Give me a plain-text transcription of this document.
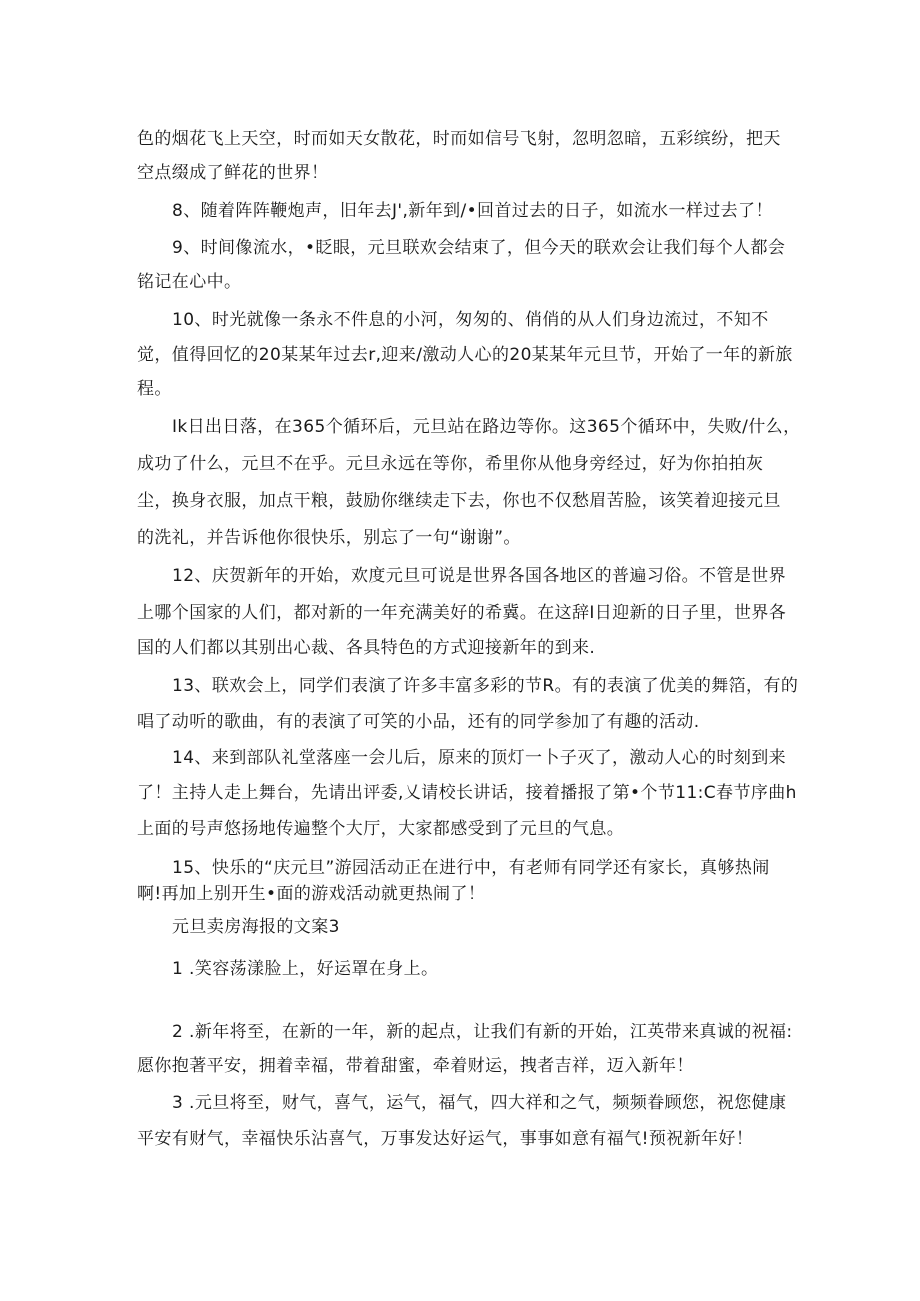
色的烟花飞上天空，时而如天女散花，时而如信号飞射，忽明忽暗，五彩缤纷，把天
空点缀成了鲜花的世界！
8、随着阵阵鞭炮声，旧年去J',新年到/•回首过去的日子，如流水一样过去了！
9、时间像流水，•眨眼，元旦联欢会结束了，但今天的联欢会让我们每个人都会
铭记在心中。
10、时光就像一条永不件息的小河，匆匆的、俏俏的从人们身边流过，不知不
觉，值得回忆的20某某年过去r,迎来/激动人心的20某某年元旦节，开始了一年的新旅
程。
Ik日出日落，在365个循环后，元旦站在路边等你。这365个循环中，失败/什么，
成功了什么，元旦不在乎。元旦永远在等你，希里你从他身旁经过，好为你拍拍灰
尘，换身衣服，加点干粮，鼓励你继续走下去，你也不仅愁眉苦脸，该笑着迎接元旦
的洗礼，并告诉他你很快乐，别忘了一句“谢谢”。
12、庆贺新年的开始，欢度元旦可说是世界各国各地区的普遍习俗。不管是世界
上哪个国家的人们，都对新的一年充满美好的希冀。在这辞I日迎新的日子里，世界各
国的人们都以其别出心裁、各具特色的方式迎接新年的到来.
13、联欢会上，同学们表演了许多丰富多彩的节R。有的表演了优美的舞箔，有的
唱了动听的歌曲，有的表演了可笑的小品，还有的同学参加了有趣的活动.
14、来到部队礼堂落座一会儿后，原来的顶灯一卜子灭了，激动人心的时刻到来
了！主持人走上舞台，先请出评委,乂请校长讲话，接着播报了第•个节11:C春节序曲h
上面的号声悠扬地传遍整个大厅，大家都感受到了元旦的气息。
15、快乐的“庆元旦”游园活动正在进行中，有老师有同学还有家长，真够热闹
啊!再加上别开生•面的游戏活动就更热闹了！
元旦卖房海报的文案3
1 .笑容荡漾脸上，好运罩在身上。
2 .新年将至，在新的一年，新的起点，让我们有新的开始，江英带来真诚的祝福:
愿你抱著平安，拥着幸福，带着甜蜜，牵着财运，拽者吉祥，迈入新年！
3 .元旦将至，财气，喜气，运气，福气，四大祥和之气，频频眷顾您，祝您健康
平安有财气，幸福快乐沾喜气，万事发达好运气，事事如意有福气!预祝新年好！
